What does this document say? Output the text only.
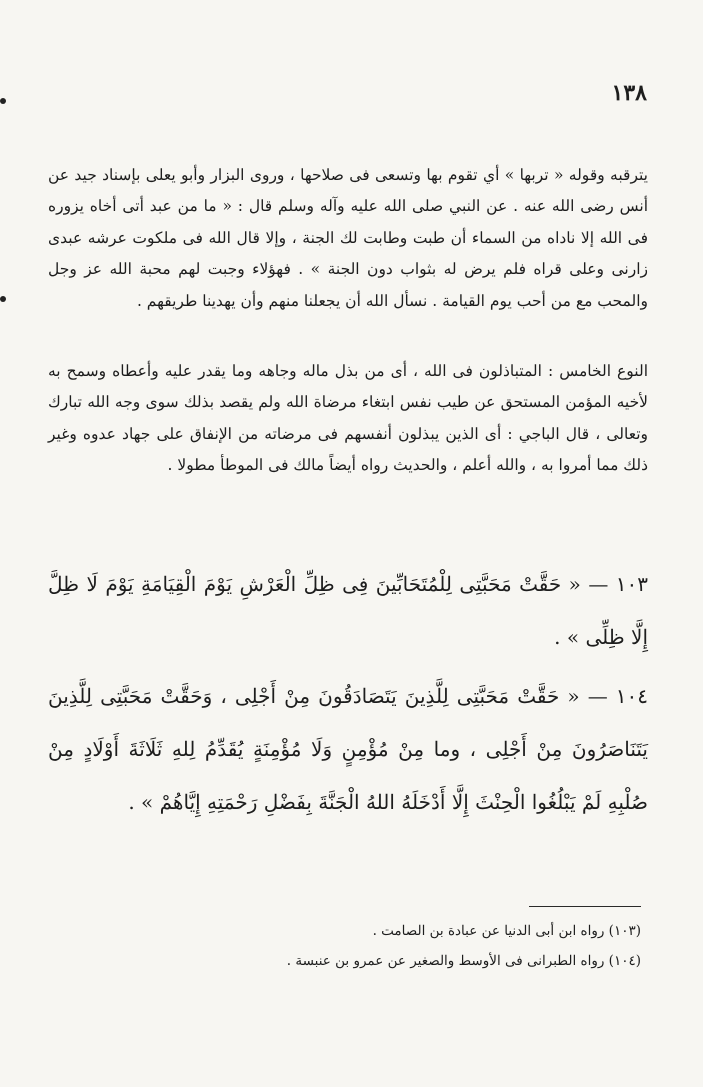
١٣٨

يترقبه وقوله « تربها » أي تقوم بها وتسعى فى صلاحها ، وروى البزار وأبو يعلى بإسناد جيد عن أنس رضى الله عنه . عن النبي صلى الله عليه وآله وسلم قال : « ما من عبد أتى أخاه يزوره فى الله إلا ناداه من السماء أن طبت وطابت لك الجنة ، وإلا قال الله فى ملكوت عرشه عبدى زارنى وعلى قراه فلم يرض له بثواب دون الجنة » . فهؤلاء وجبت لهم محبة الله عز وجل والمحب مع من أحب يوم القيامة . نسأل الله أن يجعلنا منهم وأن يهدينا طريقهم .

النوع الخامس : المتباذلون فى الله ، أى من بذل ماله وجاهه وما يقدر عليه وأعطاه وسمح به لأخيه المؤمن المستحق عن طيب نفس ابتغاء مرضاة الله ولم يقصد بذلك سوى وجه الله تبارك وتعالى ، قال الباجي : أى الذين يبذلون أنفسهم فى مرضاته من الإنفاق على جهاد عدوه وغير ذلك مما أمروا به ، والله أعلم ، والحديث رواه أيضاً مالك فى الموطأ مطولا .

١٠٣ — « حَقَّتْ مَحَبَّتِى لِلْمُتَحَابِّينَ فِى ظِلِّ الْعَرْشِ يَوْمَ الْقِيَامَةِ يَوْمَ لَا ظِلَّ إِلَّا ظِلِّى » .

١٠٤ — « حَقَّتْ مَحَبَّتِى لِلَّذِينَ يَتَصَادَقُونَ مِنْ أَجْلِى ، وَحَقَّتْ مَحَبَّتِى لِلَّذِينَ يَتَنَاصَرُونَ مِنْ أَجْلِى ، وما مِنْ مُؤْمِنٍ وَلَا مُؤْمِنَةٍ يُقَدِّمُ لِلهِ ثَلَاثَةَ أَوْلَادٍ مِنْ صُلْبِهِ لَمْ يَبْلُغُوا الْحِنْثَ إِلَّا أَدْخَلَهُ اللهُ الْجَنَّةَ بِفَضْلِ رَحْمَتِهِ إِيَّاهُمْ » .

(١٠٣) رواه ابن أبى الدنيا عن عبادة بن الصامت .
(١٠٤) رواه الطبرانى فى الأوسط والصغير عن عمرو بن عنبسة .
